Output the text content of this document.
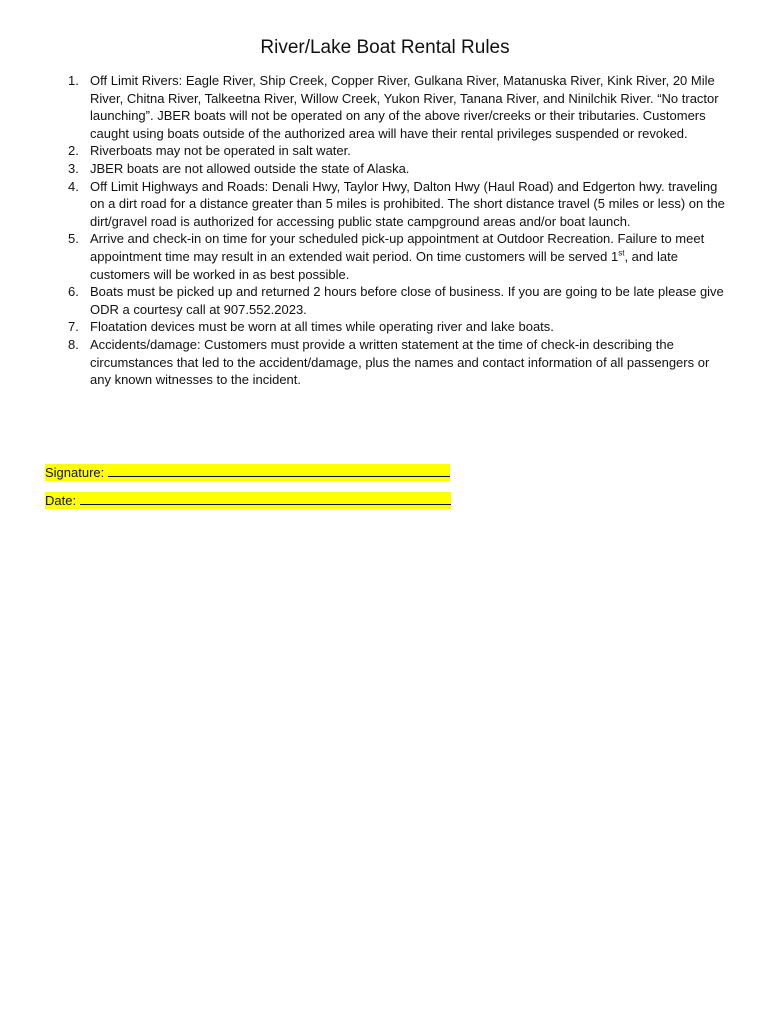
River/Lake Boat Rental Rules
1. Off Limit Rivers: Eagle River, Ship Creek, Copper River, Gulkana River, Matanuska River, Kink River, 20 Mile River, Chitna River, Talkeetna River, Willow Creek, Yukon River, Tanana River, and Ninilchik River. “No tractor launching”. JBER boats will not be operated on any of the above river/creeks or their tributaries. Customers caught using boats outside of the authorized area will have their rental privileges suspended or revoked.
2. Riverboats may not be operated in salt water.
3. JBER boats are not allowed outside the state of Alaska.
4. Off Limit Highways and Roads: Denali Hwy, Taylor Hwy, Dalton Hwy (Haul Road) and Edgerton hwy. traveling on a dirt road for a distance greater than 5 miles is prohibited. The short distance travel (5 miles or less) on the dirt/gravel road is authorized for accessing public state campground areas and/or boat launch.
5. Arrive and check-in on time for your scheduled pick-up appointment at Outdoor Recreation. Failure to meet appointment time may result in an extended wait period. On time customers will be served 1st, and late customers will be worked in as best possible.
6. Boats must be picked up and returned 2 hours before close of business. If you are going to be late please give ODR a courtesy call at 907.552.2023.
7. Floatation devices must be worn at all times while operating river and lake boats.
8. Accidents/damage: Customers must provide a written statement at the time of check-in describing the circumstances that led to the accident/damage, plus the names and contact information of all passengers or any known witnesses to the incident.
Signature:
Date:
